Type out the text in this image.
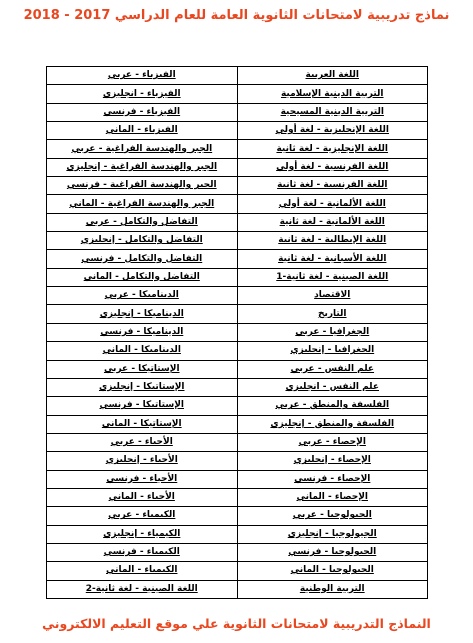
نماذج تدريبية لامتحانات الثانوية العامة للعام الدراسي 2017 - 2018
اللغة العربية	الفيزياء - عربي
التربية الدينية الإسلامية	الفيزياء - انجليزي
التربية الدينية المسيحية	الفيزياء - فرنسي
اللغة الإنجليزية - لغة أولي	الفيزياء - الماني
اللغة الإنجليزية - لغة ثانية	الجبر والهندسة الفراغية - عربي
اللغة الفرنسية - لغة أولي	الجبر والهندسة الفراغية - إنجليزي
اللغة الفرنسية - لغة ثانية	الجبر والهندسة الفراغية - فرنسي
اللغة الألمانية - لغة أولي	الجبر والهندسة الفراغية - الماني
اللغة الألمانية - لغة ثانية	التفاضل والتكامل - عربي
اللغة الإيطالية - لغة ثانية	التفاضل والتكامل - إنجليزي
اللغة الأسبانية - لغة ثانية	التفاضل والتكامل - فرنسي
اللغة الصينية - لغة ثانية-1	التفاضل والتكامل - الماني
الاقتصاد	الديناميكا - عربي
التاريخ	الديناميكا - إنجليزي
الجغرافيا - عربي	الديناميكا - فرنسي
الجغرافيا - إنجليزي	الديناميكا - الماني
علم النفس - عربي	الإستاتيكا - عربي
علم النفس - انجليزي	الإستاتيكا - إنجليزي
الفلسفة والمنطق - عربي	الإستاتيكا - فرنسي
الفلسفة والمنطق - إنجليزي	الإستاتيكا - الماني
الإحصاء - عربي	الأحياء - عربي
الإحصاء - إنجليزي	الأحياء - إنجليزي
الإحصاء - فرنسي	الأحياء - فرنسي
الإحصاء - الماني	الأحياء - الماني
الجيولوجيا - عربي	الكيمياء - عربي
الجيولوجيا - إنجليزي	الكيمياء - إنجليزي
الجيولوجيا - فرنسي	الكيمياء - فرنسي
الجيولوجيا - الماني	الكيمياء - الماني
التربية الوطنية	اللغة الصينية - لغة ثانية-2
النماذج التدريبية لامتحانات الثانوية علي موقع التعليم الالكتروني
